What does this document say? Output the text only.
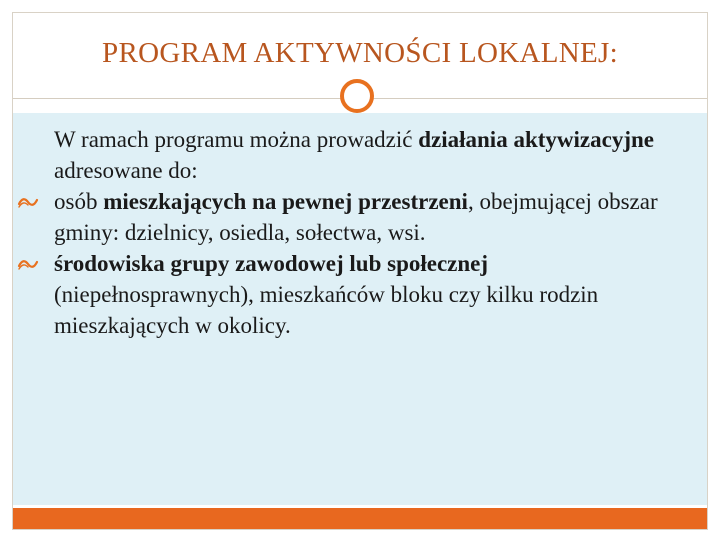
PROGRAM AKTYWNOŚCI LOKALNEJ:
W ramach programu można prowadzić działania aktywizacyjne adresowane do:
osób mieszkających na pewnej przestrzeni, obejmującej obszar gminy: dzielnicy, osiedla, sołectwa, wsi.
środowiska grupy zawodowej lub społecznej (niepełnosprawnych), mieszkańców bloku czy kilku rodzin mieszkających w okolicy.
